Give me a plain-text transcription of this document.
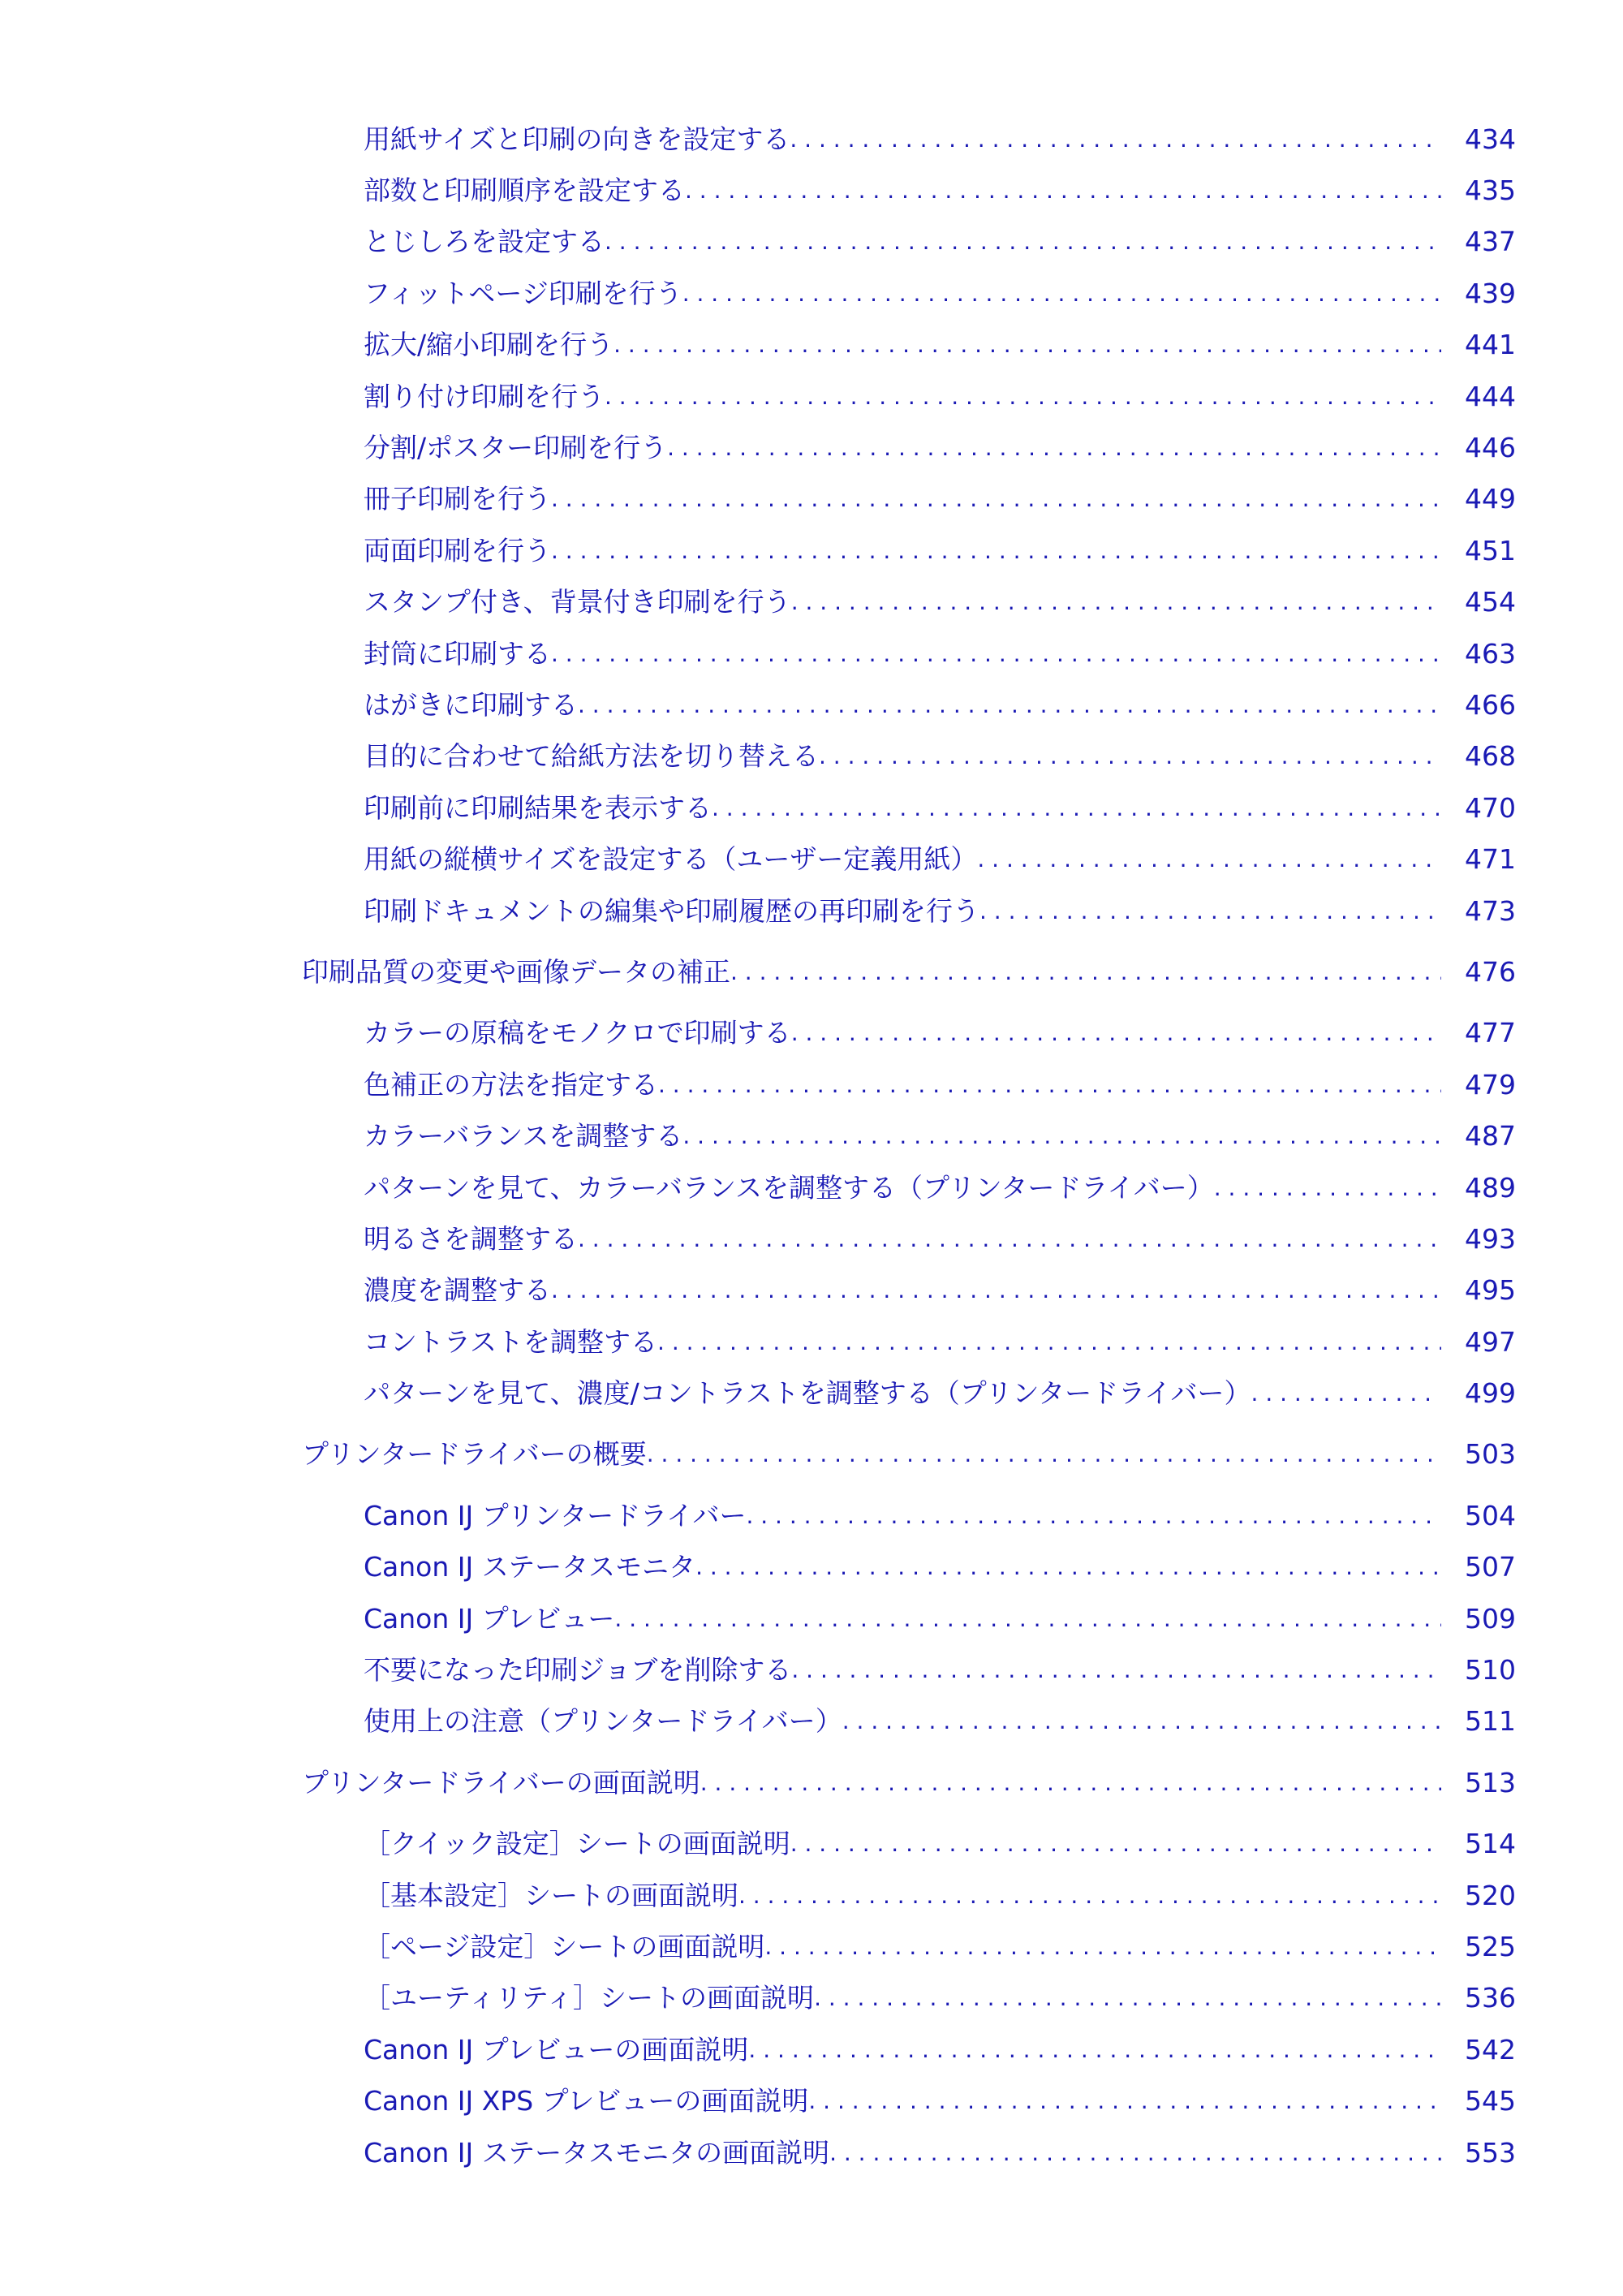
用紙サイズと印刷の向きを設定する . . .	434
部数と印刷順序を設定する . . .	435
とじしろを設定する . . .	437
フィットページ印刷を行う . . .	439
拡大/縮小印刷を行う . . .	441
割り付け印刷を行う . . .	444
分割/ポスター印刷を行う . . .	446
冊子印刷を行う . . .	449
両面印刷を行う . . .	451
スタンプ付き、背景付き印刷を行う . . .	454
封筒に印刷する . . .	463
はがきに印刷する . . .	466
目的に合わせて給紙方法を切り替える . . .	468
印刷前に印刷結果を表示する . . .	470
用紙の縦横サイズを設定する（ユーザー定義用紙） . . .	471
印刷ドキュメントの編集や印刷履歴の再印刷を行う . . .	473
印刷品質の変更や画像データの補正 . . .	476
カラーの原稿をモノクロで印刷する . . .	477
色補正の方法を指定する . . .	479
カラーバランスを調整する . . .	487
パターンを見て、カラーバランスを調整する（プリンタードライバー） . . .	489
明るさを調整する . . .	493
濃度を調整する . . .	495
コントラストを調整する . . .	497
パターンを見て、濃度/コントラストを調整する（プリンタードライバー） . . .	499
プリンタードライバーの概要 . . .	503
Canon IJ プリンタードライバー . . .	504
Canon IJ ステータスモニタ . . .	507
Canon IJ プレビュー . . .	509
不要になった印刷ジョブを削除する . . .	510
使用上の注意（プリンタードライバー） . . .	511
プリンタードライバーの画面説明 . . .	513
［クイック設定］シートの画面説明 . . .	514
［基本設定］シートの画面説明 . . .	520
［ページ設定］シートの画面説明 . . .	525
［ユーティリティ］シートの画面説明 . . .	536
Canon IJ プレビューの画面説明 . . .	542
Canon IJ XPS プレビューの画面説明 . . .	545
Canon IJ ステータスモニタの画面説明 . . .	553
